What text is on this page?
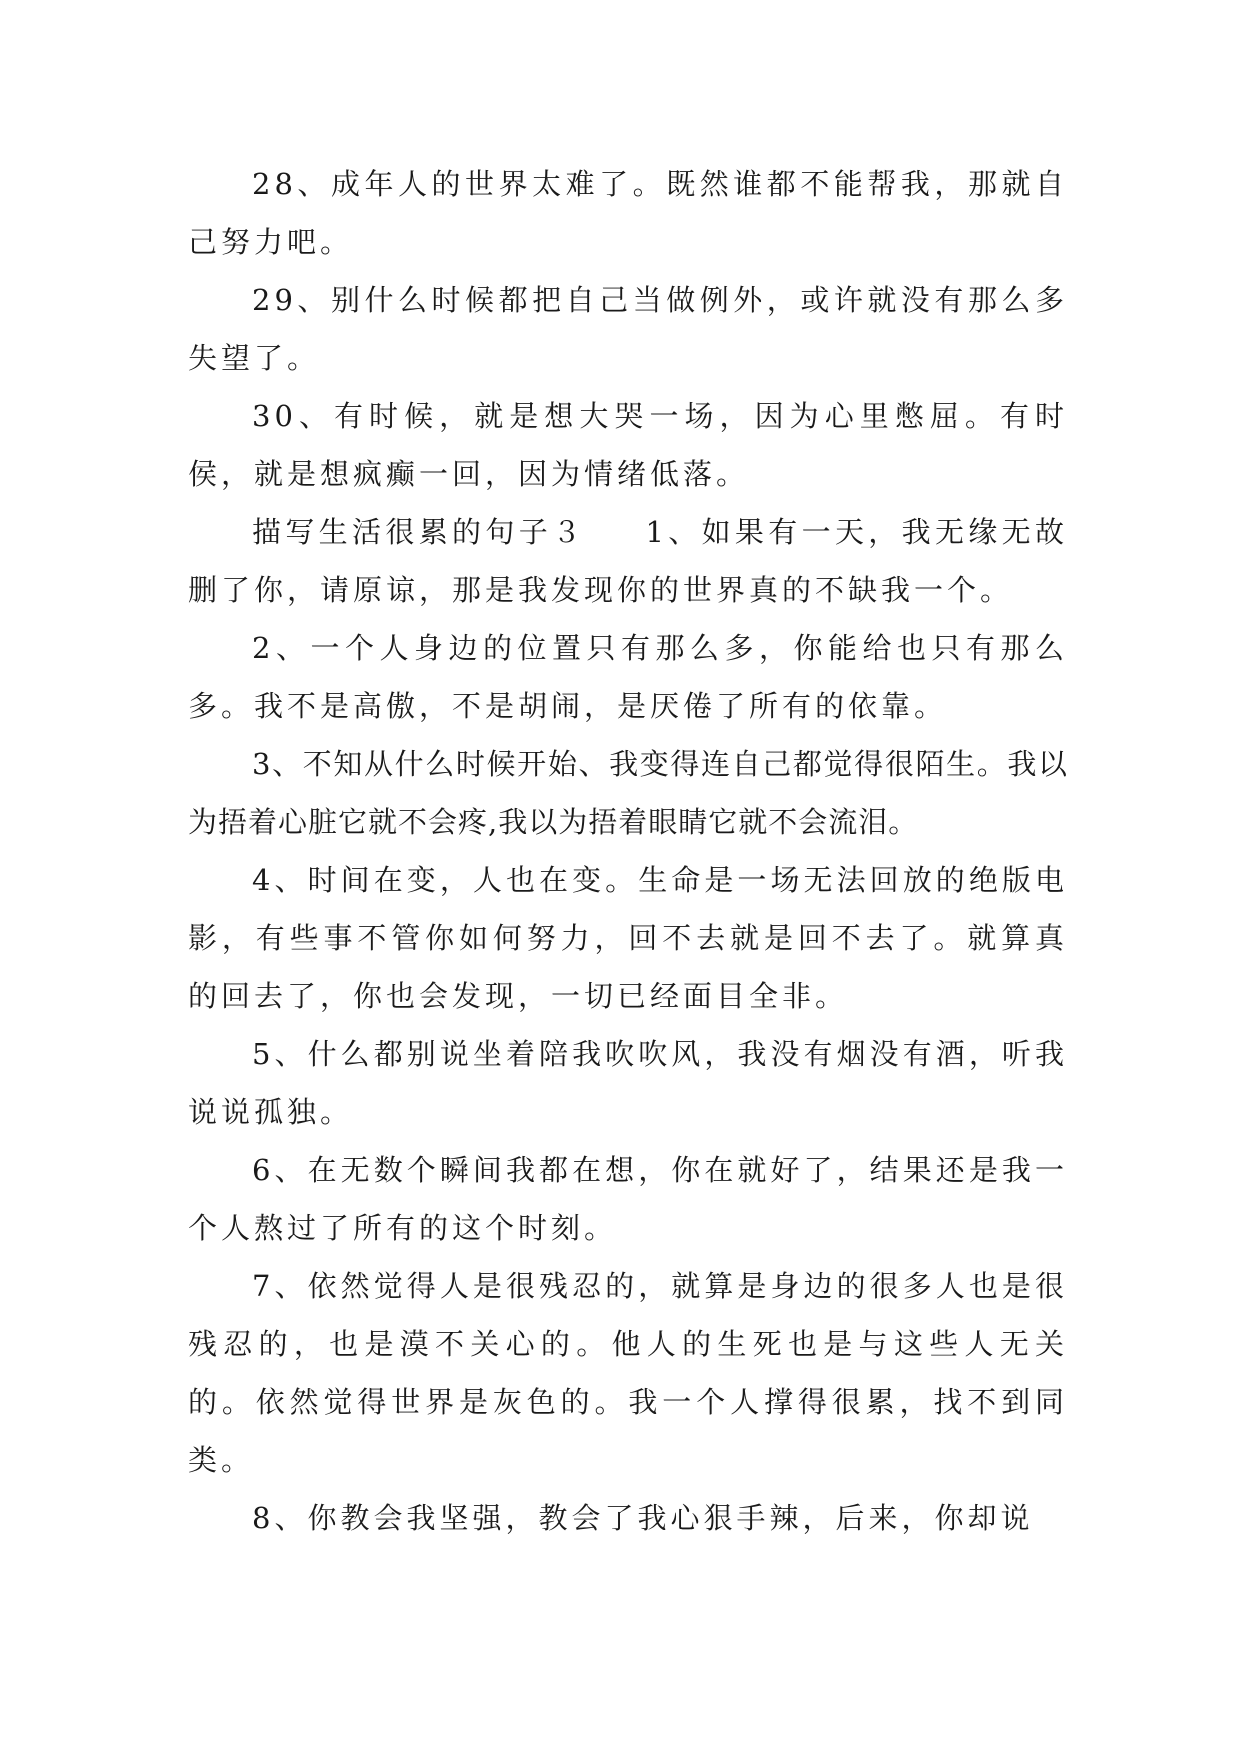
28、成年人的世界太难了。既然谁都不能帮我，那就自己努力吧。

29、别什么时候都把自己当做例外，或许就没有那么多失望了。

30、有时候，就是想大哭一场，因为心里憋屈。有时侯，就是想疯癫一回，因为情绪低落。

描写生活很累的句子３ 1、如果有一天，我无缘无故删了你，请原谅，那是我发现你的世界真的不缺我一个。

2、一个人身边的位置只有那么多，你能给也只有那么多。我不是高傲，不是胡闹，是厌倦了所有的依靠。

3、不知从什么时候开始、我变得连自己都觉得很陌生。我以为捂着心脏它就不会疼,我以为捂着眼睛它就不会流泪。

4、时间在变，人也在变。生命是一场无法回放的绝版电影，有些事不管你如何努力，回不去就是回不去了。就算真的回去了，你也会发现，一切已经面目全非。

5、什么都别说坐着陪我吹吹风，我没有烟没有酒，听我说说孤独。

6、在无数个瞬间我都在想，你在就好了，结果还是我一个人熬过了所有的这个时刻。

7、依然觉得人是很残忍的，就算是身边的很多人也是很残忍的，也是漠不关心的。他人的生死也是与这些人无关的。依然觉得世界是灰色的。我一个人撑得很累，找不到同类。

8、你教会我坚强，教会了我心狠手辣，后来，你却说
